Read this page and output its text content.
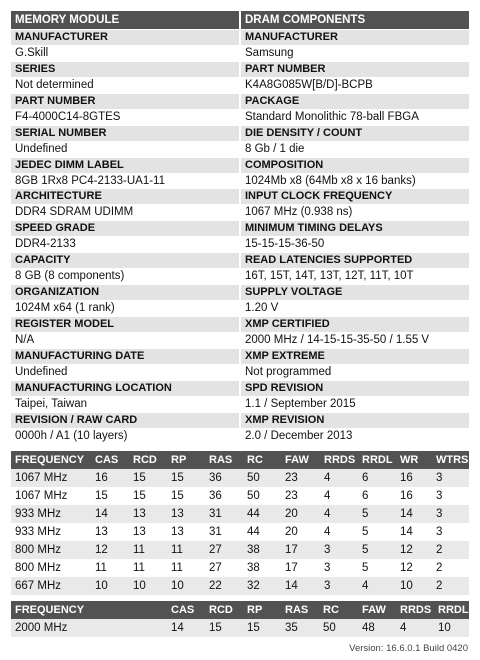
MEMORY MODULE	DRAM COMPONENTS
MANUFACTURER
G.Skill
SERIES
Not determined
PART NUMBER
F4-4000C14-8GTES
SERIAL NUMBER
Undefined
JEDEC DIMM LABEL
8GB 1Rx8 PC4-2133-UA1-11
ARCHITECTURE
DDR4 SDRAM UDIMM
SPEED GRADE
DDR4-2133
CAPACITY
8 GB (8 components)
ORGANIZATION
1024M x64 (1 rank)
REGISTER MODEL
N/A
MANUFACTURING DATE
Undefined
MANUFACTURING LOCATION
Taipei, Taiwan
REVISION / RAW CARD
0000h / A1 (10 layers)
MANUFACTURER
Samsung
PART NUMBER
K4A8G085W[B/D]-BCPB
PACKAGE
Standard Monolithic 78-ball FBGA
DIE DENSITY / COUNT
8 Gb / 1 die
COMPOSITION
1024Mb x8 (64Mb x8 x 16 banks)
INPUT CLOCK FREQUENCY
1067 MHz (0.938 ns)
MINIMUM TIMING DELAYS
15-15-15-36-50
READ LATENCIES SUPPORTED
16T, 15T, 14T, 13T, 12T, 11T, 10T
SUPPLY VOLTAGE
1.20 V
XMP CERTIFIED
2000 MHz / 14-15-15-35-50 / 1.55 V
XMP EXTREME
Not programmed
SPD REVISION
1.1 / September 2015
XMP REVISION
2.0 / December 2013
FREQUENCY	CAS	RCD	RP	RAS	RC	FAW	RRDS	RRDL	WR	WTRS
1067 MHz	16	15	15	36	50	23	4	6	16	3
1067 MHz	15	15	15	36	50	23	4	6	16	3
933 MHz	14	13	13	31	44	20	4	5	14	3
933 MHz	13	13	13	31	44	20	4	5	14	3
800 MHz	12	11	11	27	38	17	3	5	12	2
800 MHz	11	11	11	27	38	17	3	5	12	2
667 MHz	10	10	10	22	32	14	3	4	10	2
FREQUENCY		CAS	RCD	RP	RAS	RC	FAW	RRDS	RRDL
2000 MHz		14	15	15	35	50	48	4	10
Version: 16.6.0.1 Build 0420
